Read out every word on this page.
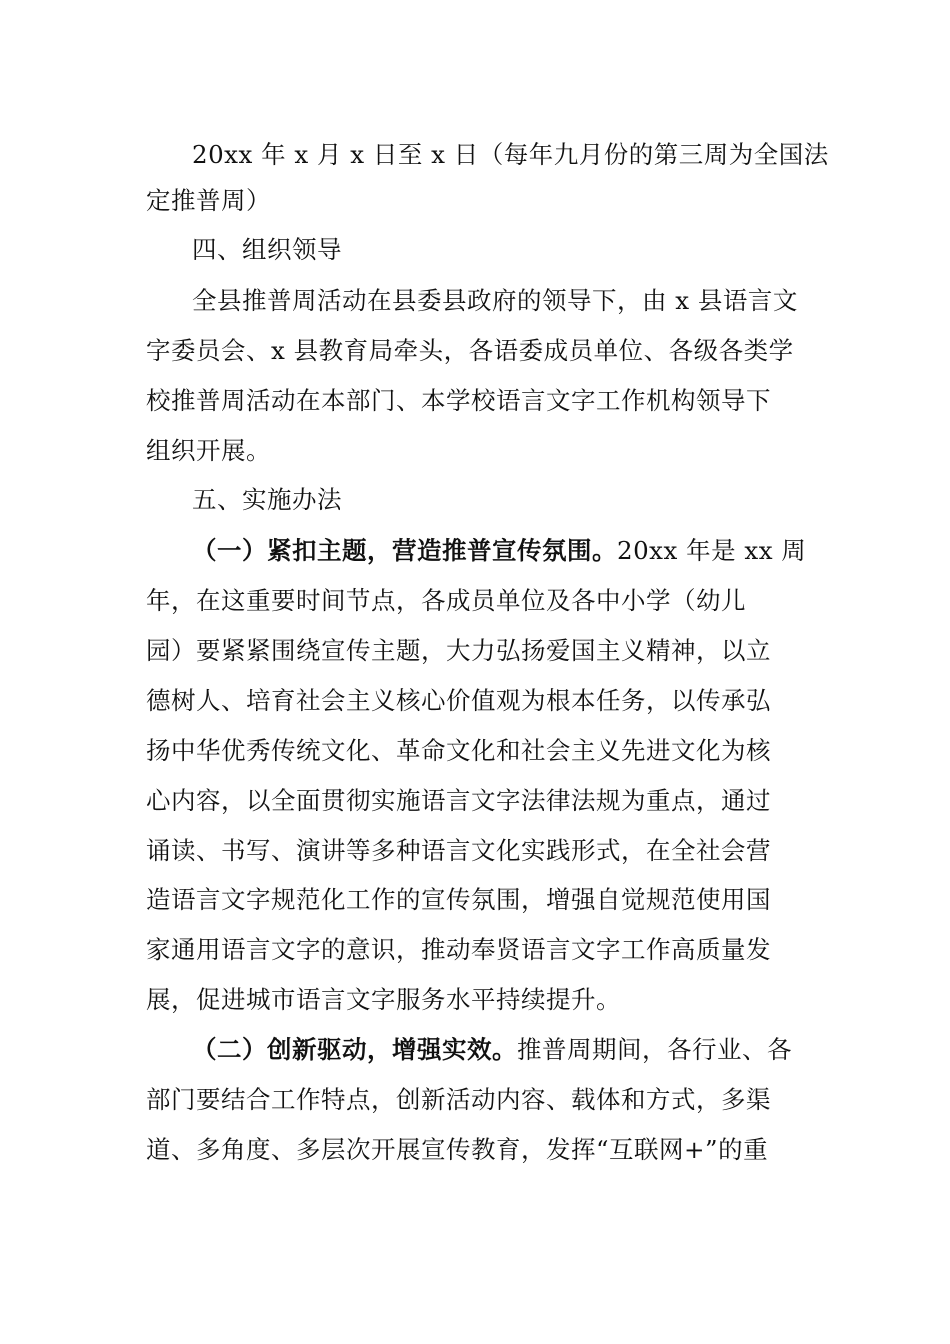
20xx 年 x 月 x 日至 x 日（每年九月份的第三周为全国法
定推普周）
四、组织领导
全县推普周活动在县委县政府的领导下，由 x 县语言文
字委员会、x 县教育局牵头，各语委成员单位、各级各类学
校推普周活动在本部门、本学校语言文字工作机构领导下
组织开展。
五、实施办法
（一）紧扣主题，营造推普宣传氛围。20xx 年是 xx 周
年，在这重要时间节点，各成员单位及各中小学（幼儿
园）要紧紧围绕宣传主题，大力弘扬爱国主义精神，以立
德树人、培育社会主义核心价值观为根本任务，以传承弘
扬中华优秀传统文化、革命文化和社会主义先进文化为核
心内容，以全面贯彻实施语言文字法律法规为重点，通过
诵读、书写、演讲等多种语言文化实践形式，在全社会营
造语言文字规范化工作的宣传氛围，增强自觉规范使用国
家通用语言文字的意识，推动奉贤语言文字工作高质量发
展，促进城市语言文字服务水平持续提升。
（二）创新驱动，增强实效。推普周期间，各行业、各
部门要结合工作特点，创新活动内容、载体和方式，多渠
道、多角度、多层次开展宣传教育，发挥“互联网+”的重
